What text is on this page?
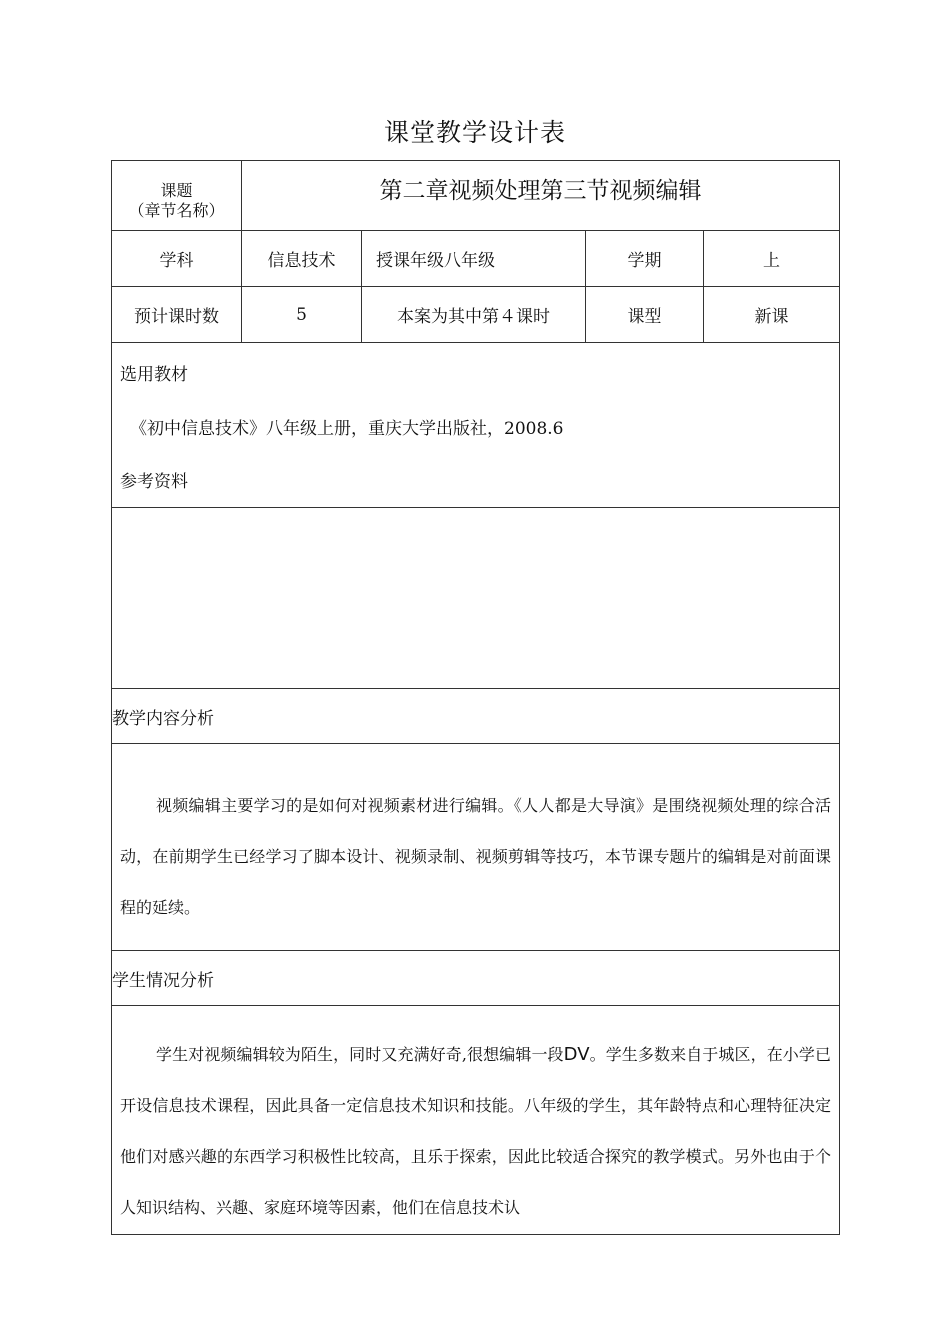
课堂教学设计表
课题
（章节名称）	第二章视频处理第三节视频编辑			
学科	信息技术	授课年级八年级	学期	上
预计课时数	5	本案为其中第４课时	课型	新课

选用教材
《初中信息技术》八年级上册，重庆大学出版社，2008.6
参考资料				

教学内容分析				

视频编辑主要学习的是如何对视频素材进行编辑。《人人都是大导演》是围绕视频处理的综合活动，在前期学生已经学习了脚本设计、视频录制、视频剪辑等技巧，本节课专题片的编辑是对前面课程的延续。				

学生情况分析				

学生对视频编辑较为陌生，同时又充满好奇,很想编辑一段DV。学生多数来自于城区，在小学已开设信息技术课程，因此具备一定信息技术知识和技能。八年级的学生，其年龄特点和心理特征决定他们对感兴趣的东西学习积极性比较高，且乐于探索，因此比较适合探究的教学模式。另外也由于个人知识结构、兴趣、家庭环境等因素，他们在信息技术认				
